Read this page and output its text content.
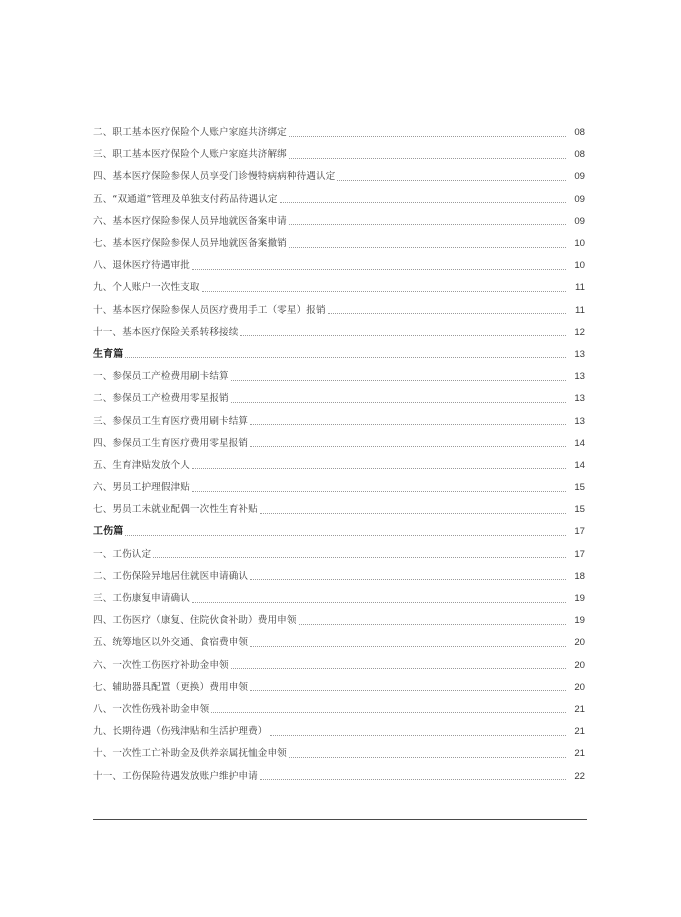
二、职工基本医疗保险个人账户家庭共济绑定	08
三、职工基本医疗保险个人账户家庭共济解绑	08
四、基本医疗保险参保人员享受门诊慢特病病种待遇认定	09
五、“双通道”管理及单独支付药品待遇认定	09
六、基本医疗保险参保人员异地就医备案申请	09
七、基本医疗保险参保人员异地就医备案撤销	10
八、退休医疗待遇审批	10
九、个人账户一次性支取	11
十、基本医疗保险参保人员医疗费用手工（零星）报销	11
十一、基本医疗保险关系转移接续	12
生育篇	13
一、参保员工产检费用刷卡结算	13
二、参保员工产检费用零星报销	13
三、参保员工生育医疗费用刷卡结算	13
四、参保员工生育医疗费用零星报销	14
五、生育津贴发放个人	14
六、男员工护理假津贴	15
七、男员工未就业配偶一次性生育补贴	15
工伤篇	17
一、工伤认定	17
二、工伤保险异地居住就医申请确认	18
三、工伤康复申请确认	19
四、工伤医疗（康复、住院伙食补助）费用申领	19
五、统筹地区以外交通、食宿费申领	20
六、一次性工伤医疗补助金申领	20
七、辅助器具配置（更换）费用申领	20
八、一次性伤残补助金申领	21
九、长期待遇（伤残津贴和生活护理费）	21
十、一次性工亡补助金及供养亲属抚恤金申领	21
十一、工伤保险待遇发放账户维护申请	22
